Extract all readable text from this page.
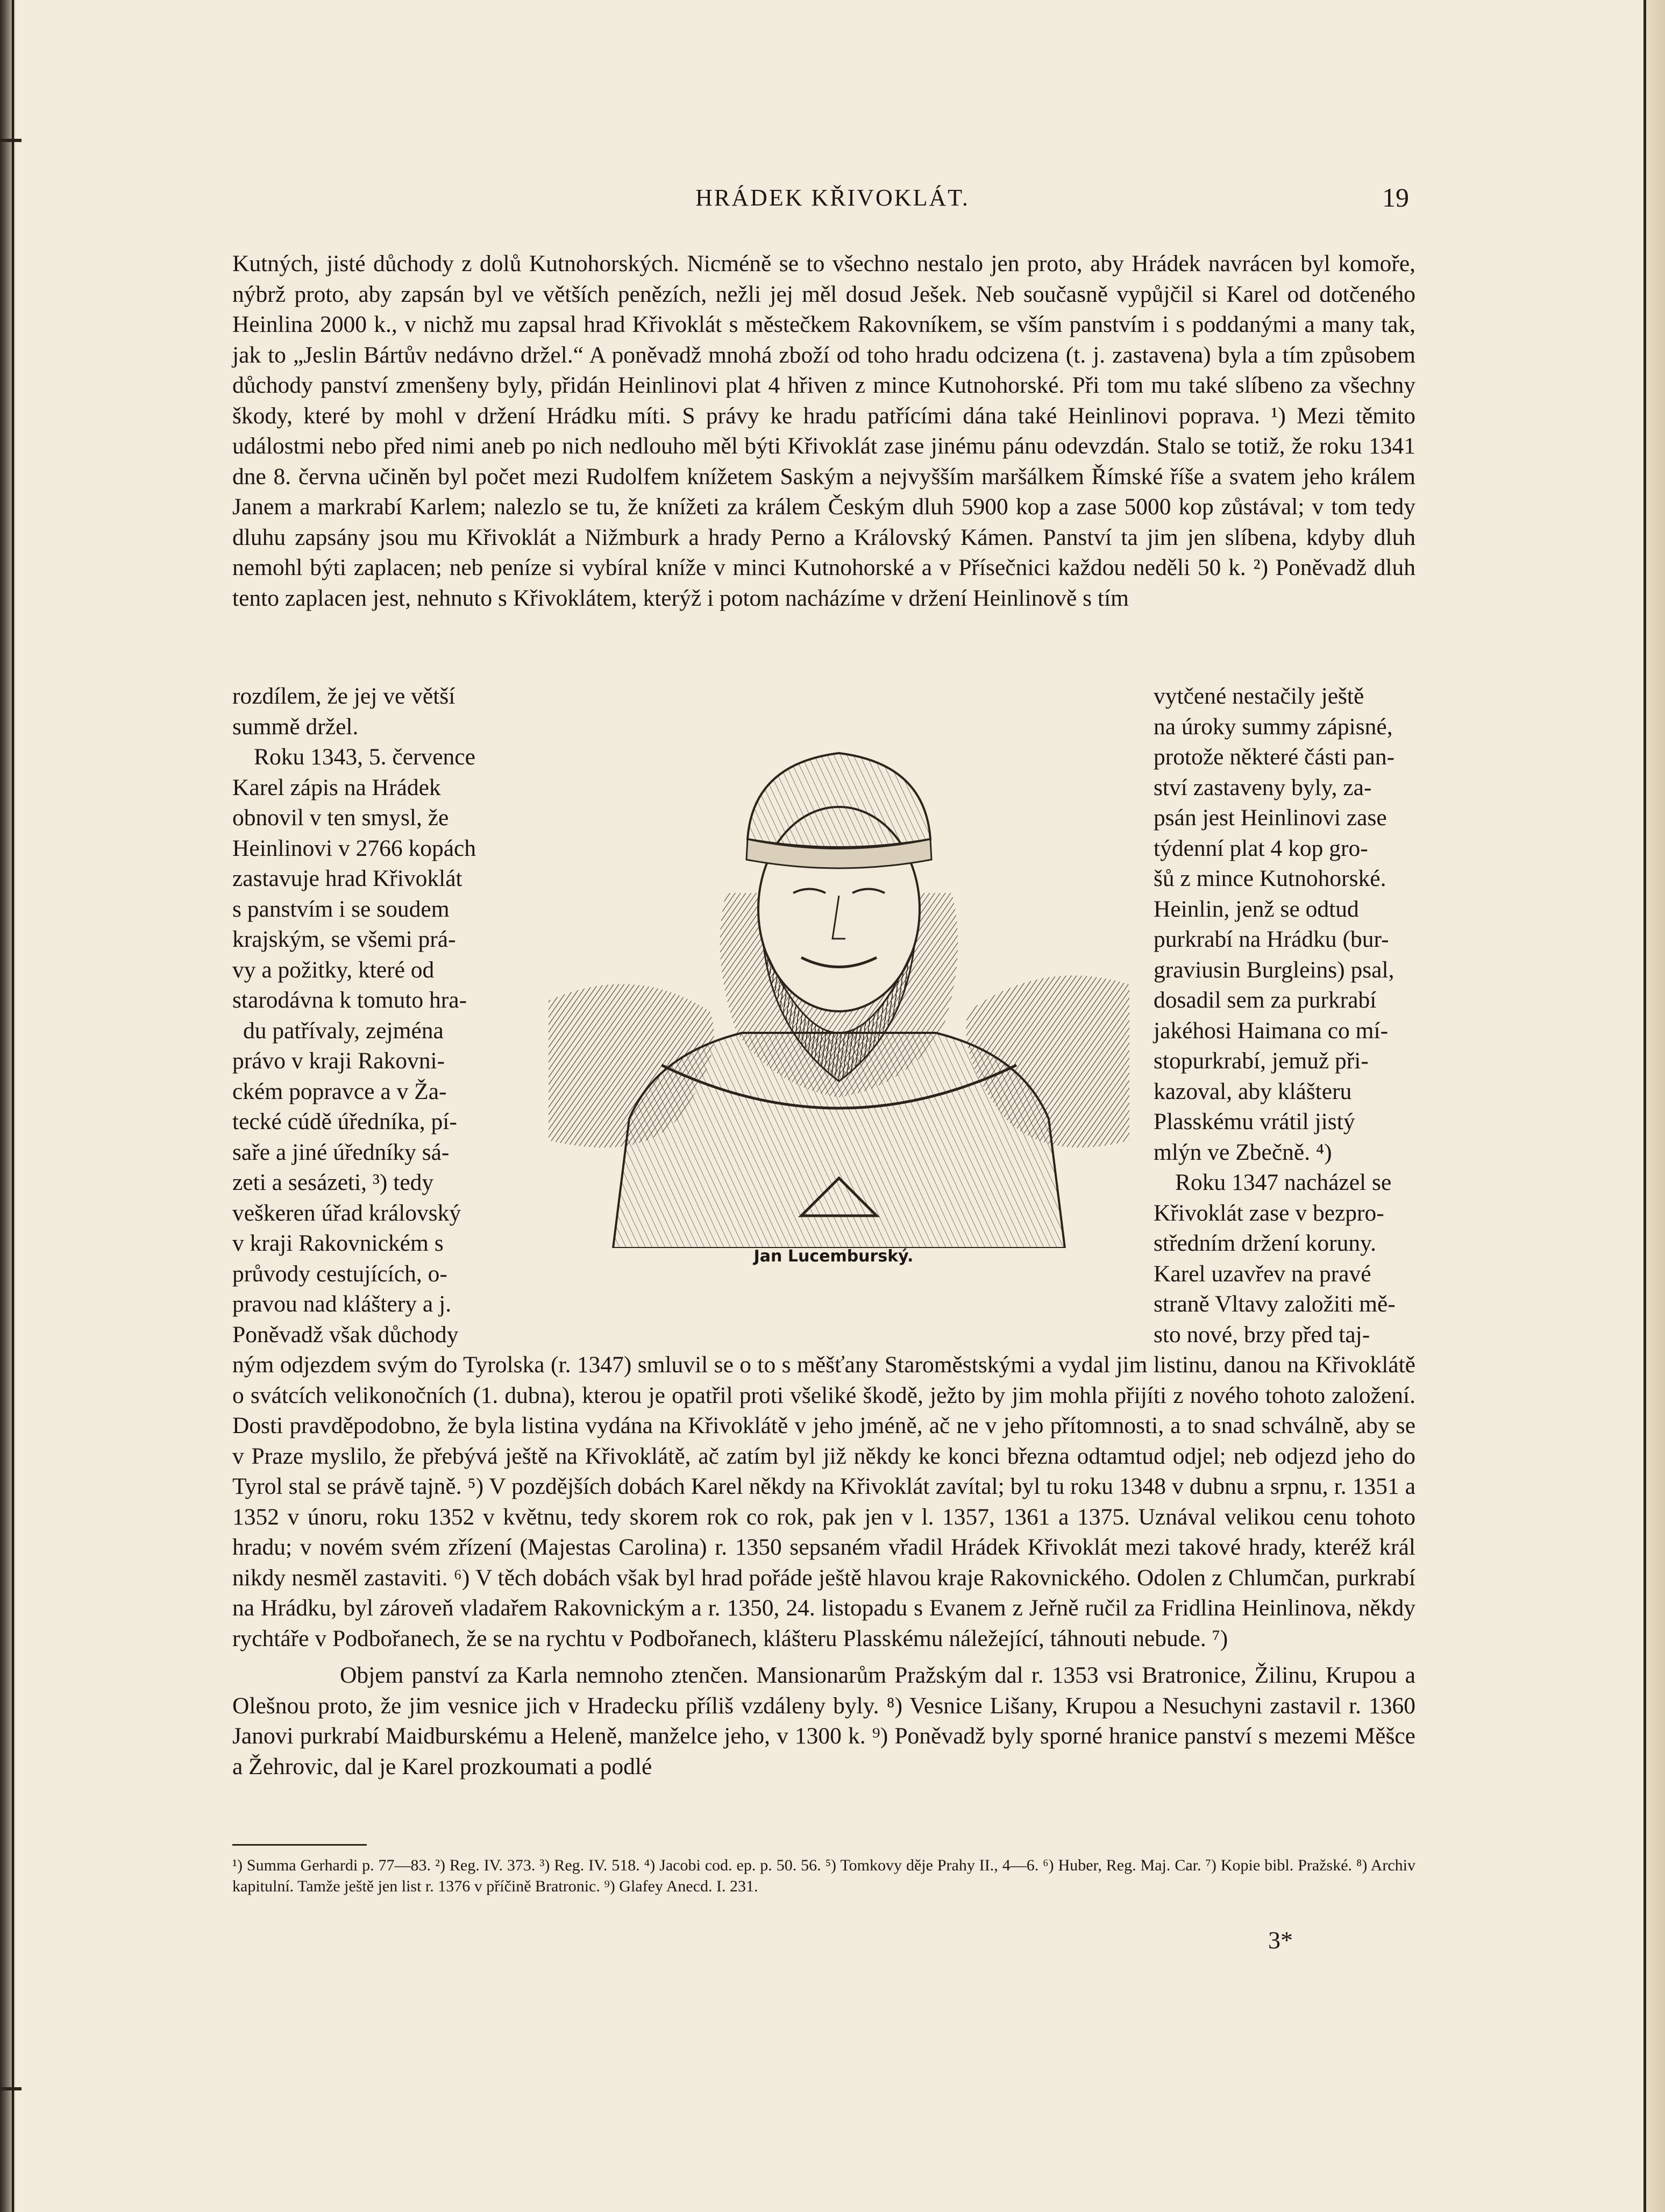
HRÁDEK KŘIVOKLÁT.	19

Kutných, jisté důchody z dolů Kutnohorských. Nicméně se to všechno nestalo jen proto, aby Hrádek navrácen byl komoře, nýbrž proto, aby zapsán byl ve větších penězích, nežli jej měl dosud Ješek. Neb současně vypůjčil si Karel od dotčeného Heinlina 2000 k., v nichž mu zapsal hrad Křivoklát s městečkem Rakovníkem, se vším panstvím i s poddanými a many tak, jak to „Jeslin Bártův nedávno držel.“ A poněvadž mnohá zboží od toho hradu odcizena (t. j. zastavena) byla a tím způsobem důchody panství zmenšeny byly, přidán Heinlinovi plat 4 hřiven z mince Kutnohorské. Při tom mu také slíbeno za všechny škody, které by mohl v držení Hrádku míti. S právy ke hradu patřícími dána také Heinlinovi poprava. ¹) Mezi těmito událostmi nebo před nimi aneb po nich nedlouho měl býti Křivoklát zase jinému pánu odevzdán. Stalo se totiž, že roku 1341 dne 8. června učiněn byl počet mezi Rudolfem knížetem Saským a nejvyšším maršálkem Římské říše a svatem jeho králem Janem a markrabí Karlem; nalezlo se tu, že knížeti za králem Českým dluh 5900 kop a zase 5000 kop zůstával; v tom tedy dluhu zapsány jsou mu Křivoklát a Nižmburk a hrady Perno a Královský Kámen. Panství ta jim jen slíbena, kdyby dluh nemohl býti zaplacen; neb peníze si vybíral kníže v minci Kutnohorské a v Přísečnici každou neděli 50 k. ²) Poněvadž dluh tento zaplacen jest, nehnuto s Křivoklátem, kterýž i potom nacházíme v držení Heinlinově s tím

rozdílem, že jej ve větší
summě držel.
Roku 1343, 5. července
Karel zápis na Hrádek
obnovil v ten smysl, že
Heinlinovi v 2766 kopách
zastavuje hrad Křivoklát
s panstvím i se soudem
krajským, se všemi prá-
vy a požitky, které od
starodávna k tomuto hra-
du patřívaly, zejména
právo v kraji Rakovni-
ckém popravce a v Ža-
tecké cúdě úředníka, pí-
saře a jiné úředníky sá-
zeti a sesázeti, ³) tedy
veškeren úřad královský
v kraji Rakovnickém s
průvody cestujících, o-
pravou nad kláštery a j.
Poněvadž však důchody
Jan Lucemburský.
vytčené nestačily ještě
na úroky summy zápisné,
protože některé části pan-
ství zastaveny byly, za-
psán jest Heinlinovi zase
týdenní plat 4 kop gro-
šů z mince Kutnohorské.
Heinlin, jenž se odtud
purkrabí na Hrádku (bur-
graviusin Burgleins) psal,
dosadil sem za purkrabí
jakéhosi Haimana co mí-
stopurkrabí, jemuž při-
kazoval, aby klášteru
Plasskému vrátil jistý
mlýn ve Zbečně. ⁴)
Roku 1347 nacházel se
Křivoklát zase v bezpro-
středním držení koruny.
Karel uzavřev na pravé
straně Vltavy založiti mě-
sto nové, brzy před taj-

ným odjezdem svým do Tyrolska (r. 1347) smluvil se o to s měšťany Staroměstskými a vydal jim listinu, danou na Křivoklátě o svátcích velikonočních (1. dubna), kterou je opatřil proti všeliké škodě, ježto by jim mohla přijíti z nového tohoto založení. Dosti pravděpodobno, že byla listina vydána na Křivoklátě v jeho jméně, ač ne v jeho přítomnosti, a to snad schválně, aby se v Praze myslilo, že přebývá ještě na Křivoklátě, ač zatím byl již někdy ke konci března odtamtud odjel; neb odjezd jeho do Tyrol stal se právě tajně. ⁵) V pozdějších dobách Karel někdy na Křivoklát zavítal; byl tu roku 1348 v dubnu a srpnu, r. 1351 a 1352 v únoru, roku 1352 v květnu, tedy skorem rok co rok, pak jen v l. 1357, 1361 a 1375. Uznával velikou cenu tohoto hradu; v novém svém zřízení (Majestas Carolina) r. 1350 sepsaném vřadil Hrádek Křivoklát mezi takové hrady, kteréž král nikdy nesměl zastaviti. ⁶) V těch dobách však byl hrad pořáde ještě hlavou kraje Rakovnického. Odolen z Chlumčan, purkrabí na Hrádku, byl zároveň vladařem Rakovnickým a r. 1350, 24. listopadu s Evanem z Jeřně ručil za Fridlina Heinlinova, někdy rychtáře v Podbořanech, že se na rychtu v Podbořanech, klášteru Plasskému náležející, táhnouti nebude. ⁷)

Objem panství za Karla nemnoho ztenčen. Mansionarům Pražským dal r. 1353 vsi Bratronice, Žilinu, Krupou a Olešnou proto, že jim vesnice jich v Hradecku příliš vzdáleny byly. ⁸) Vesnice Lišany, Krupou a Nesuchyni zastavil r. 1360 Janovi purkrabí Maidburskému a Heleně, manželce jeho, v 1300 k. ⁹) Poněvadž byly sporné hranice panství s mezemi Měšce a Žehrovic, dal je Karel prozkoumati a podlé

¹) Summa Gerhardi p. 77—83. ²) Reg. IV. 373. ³) Reg. IV. 518. ⁴) Jacobi cod. ep. p. 50. 56. ⁵) Tomkovy děje Prahy II., 4—6. ⁶) Huber, Reg. Maj. Car. ⁷) Kopie bibl. Pražské. ⁸) Archiv kapitulní. Tamže ještě jen list r. 1376 v příčině Bratronic. ⁹) Glafey Anecd. I. 231.
3*
